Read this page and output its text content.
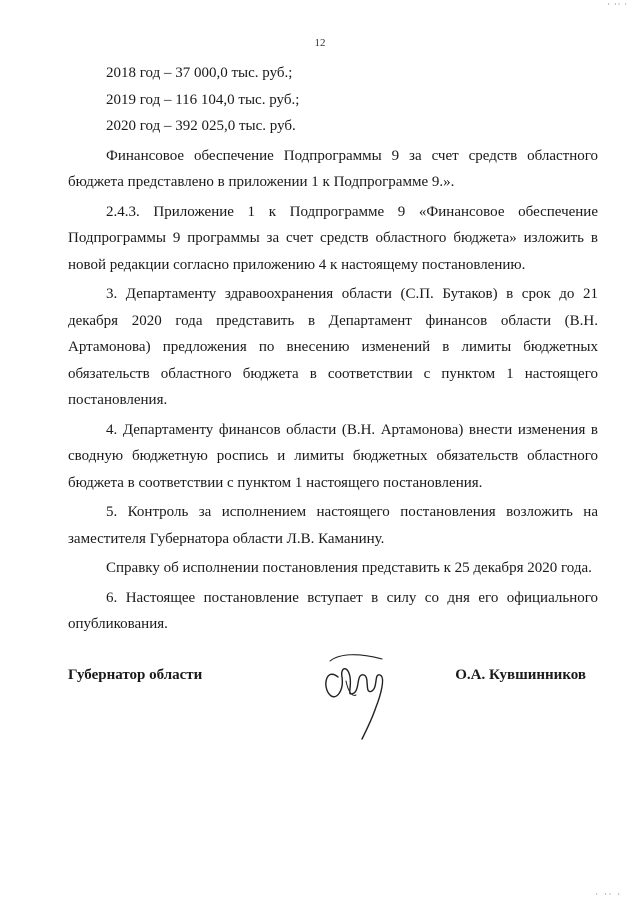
· ·· ·
12
2018 год – 37 000,0 тыс. руб.;
2019 год – 116 104,0 тыс. руб.;
2020 год – 392 025,0 тыс. руб.
Финансовое обеспечение Подпрограммы 9 за счет средств областного бюджета представлено в приложении 1 к Подпрограмме 9.».
2.4.3. Приложение 1 к Подпрограмме 9 «Финансовое обеспечение Подпрограммы 9 программы за счет средств областного бюджета» изложить в новой редакции согласно приложению 4 к настоящему постановлению.
3. Департаменту здравоохранения области (С.П. Бутаков) в срок до 21 декабря 2020 года представить в Департамент финансов области (В.Н. Артамонова) предложения по внесению изменений в лимиты бюджетных обязательств областного бюджета в соответствии с пунктом 1 настоящего постановления.
4. Департаменту финансов области (В.Н. Артамонова) внести изменения в сводную бюджетную роспись и лимиты бюджетных обязательств областного бюджета в соответствии с пунктом 1 настоящего постановления.
5. Контроль за исполнением настоящего постановления возложить на заместителя Губернатора области Л.В. Каманину.
Справку об исполнении постановления представить к 25 декабря 2020 года.
6. Настоящее постановление вступает в силу со дня его официального опубликования.
Губернатор области	О.А. Кувшинников
· ·· ·
